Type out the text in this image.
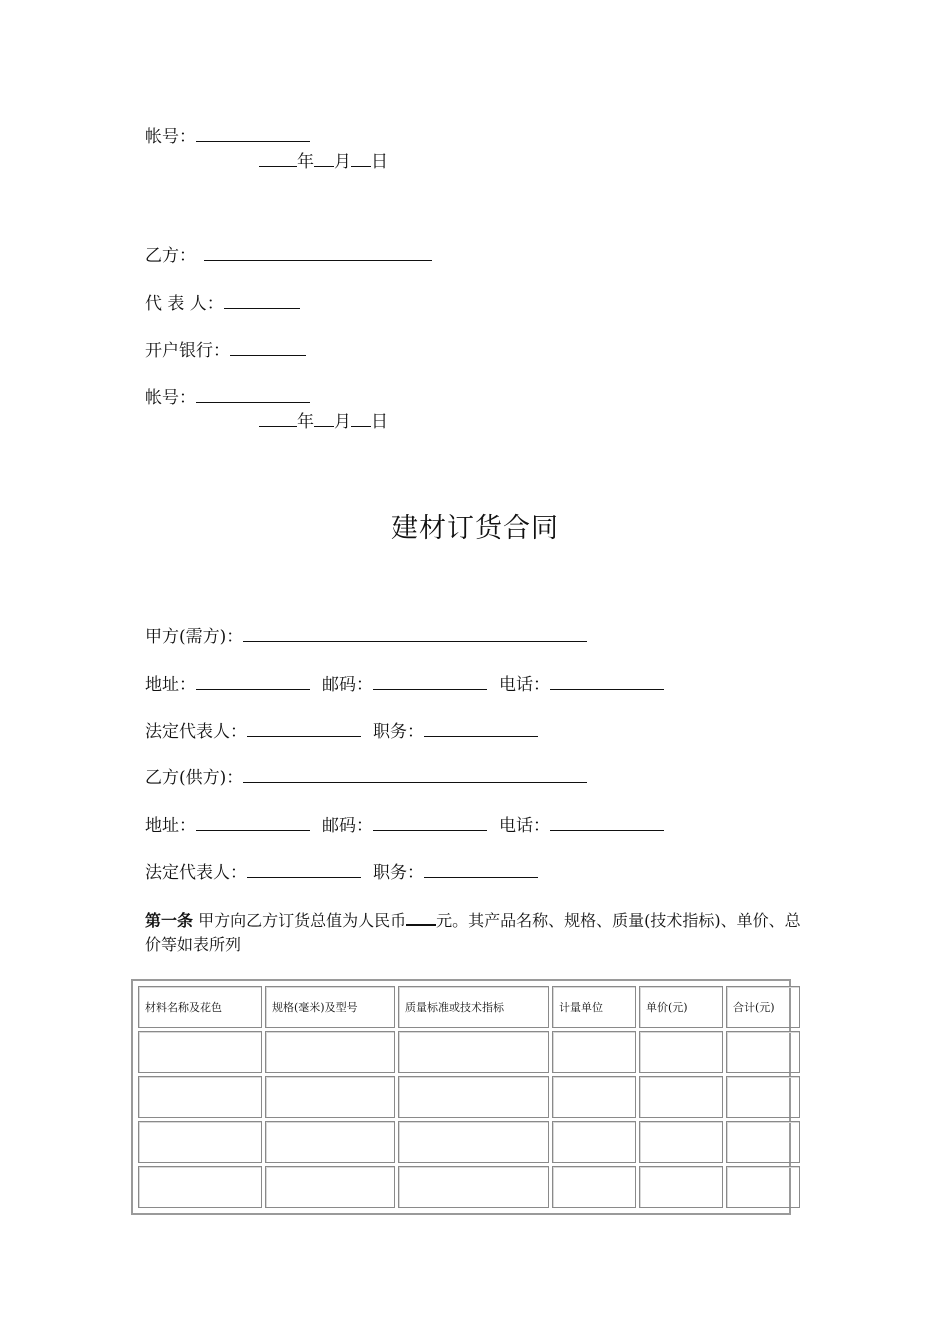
帐号：
年 月 日
乙方：
代 表 人：
开户银行：
帐号：
年 月 日
建材订货合同
甲方(需方)：
地址：	邮码：	电话：
法定代表人：	职务：
乙方(供方)：
地址：	邮码：	电话：
法定代表人：	职务：
第一条 甲方向乙方订货总值为人民币 元。其产品名称、规格、质量(技术指标)、单价、总价等如表所列
材料名称及花色	规格(毫米)及型号	质量标准或技术指标	计量单位	单价(元)	合计(元)
